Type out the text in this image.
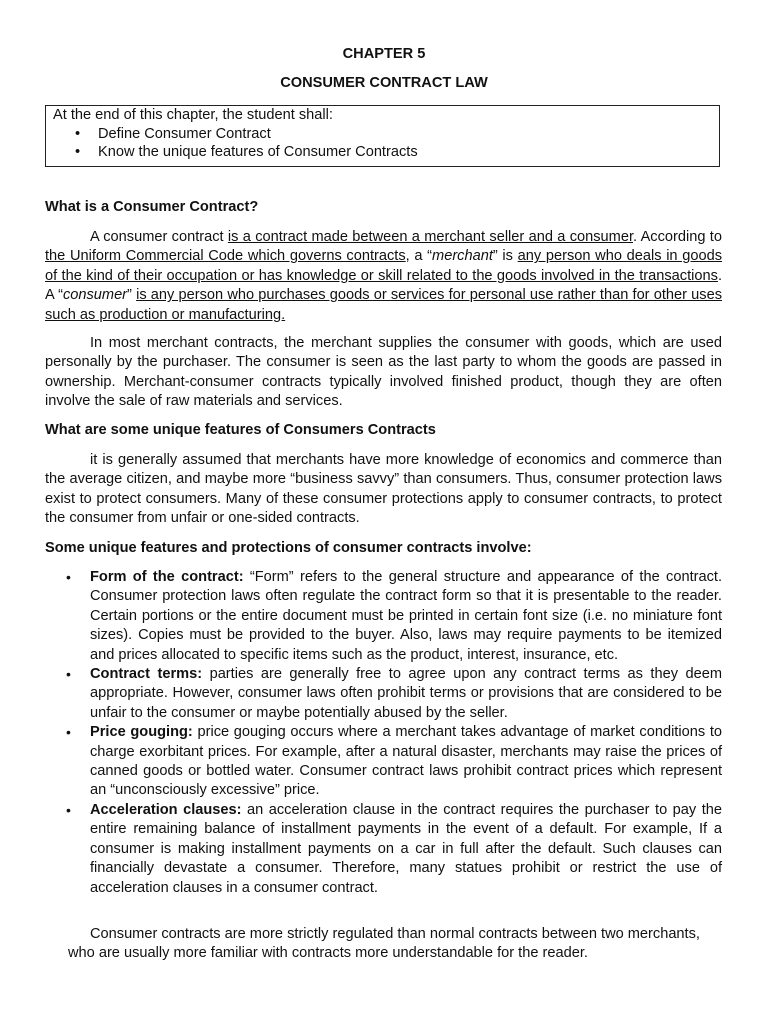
CHAPTER 5
CONSUMER CONTRACT LAW
At the end of this chapter, the student shall:
• Define Consumer Contract
• Know the unique features of Consumer Contracts
What is a Consumer Contract?
A consumer contract is a contract made between a merchant seller and a consumer. According to the Uniform Commercial Code which governs contracts, a “merchant” is any person who deals in goods of the kind of their occupation or has knowledge or skill related to the goods involved in the transactions. A “consumer” is any person who purchases goods or services for personal use rather than for other uses such as production or manufacturing.
In most merchant contracts, the merchant supplies the consumer with goods, which are used personally by the purchaser. The consumer is seen as the last party to whom the goods are passed in ownership. Merchant-consumer contracts typically involved finished product, though they are often involve the sale of raw materials and services.
What are some unique features of Consumers Contracts
it is generally assumed that merchants have more knowledge of economics and commerce than the average citizen, and maybe more “business savvy” than consumers. Thus, consumer protection laws exist to protect consumers. Many of these consumer protections apply to consumer contracts, to protect the consumer from unfair or one-sided contracts.
Some unique features and protections of consumer contracts involve:
• Form of the contract: “Form” refers to the general structure and appearance of the contract. Consumer protection laws often regulate the contract form so that it is presentable to the reader. Certain portions or the entire document must be printed in certain font size (i.e. no miniature font sizes). Copies must be provided to the buyer. Also, laws may require payments to be itemized and prices allocated to specific items such as the product, interest, insurance, etc.
• Contract terms: parties are generally free to agree upon any contract terms as they deem appropriate. However, consumer laws often prohibit terms or provisions that are considered to be unfair to the consumer or maybe potentially abused by the seller.
• Price gouging: price gouging occurs where a merchant takes advantage of market conditions to charge exorbitant prices. For example, after a natural disaster, merchants may raise the prices of canned goods or bottled water. Consumer contract laws prohibit contract prices which represent an “unconsciously excessive” price.
• Acceleration clauses: an acceleration clause in the contract requires the purchaser to pay the entire remaining balance of installment payments in the event of a default. For example, If a consumer is making installment payments on a car in full after the default. Such clauses can financially devastate a consumer. Therefore, many statues prohibit or restrict the use of acceleration clauses in a consumer contract.
Consumer contracts are more strictly regulated than normal contracts between two merchants, who are usually more familiar with contracts more understandable for the reader.
